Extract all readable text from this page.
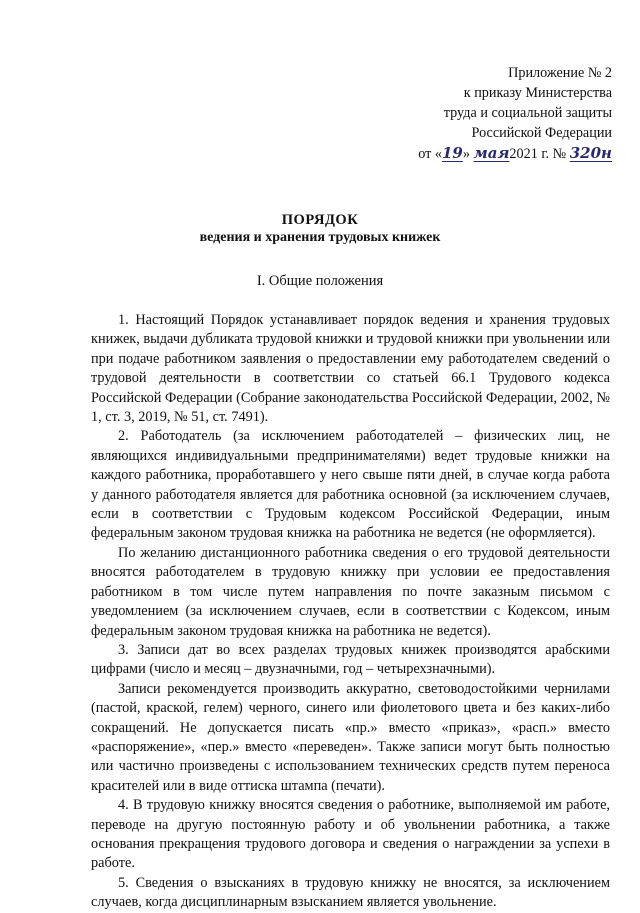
Приложение № 2
к приказу Министерства
труда и социальной защиты
Российской Федерации
от «19» мая2021 г. № 320н
ПОРЯДОК
ведения и хранения трудовых книжек
I. Общие положения

1. Настоящий Порядок устанавливает порядок ведения и хранения трудовых книжек, выдачи дубликата трудовой книжки и трудовой книжки при увольнении или при подаче работником заявления о предоставлении ему работодателем сведений о трудовой деятельности в соответствии со статьей 66.1 Трудового кодекса Российской Федерации (Собрание законодательства Российской Федерации, 2002, № 1, ст. 3, 2019, № 51, ст. 7491).

2. Работодатель (за исключением работодателей – физических лиц, не являющихся индивидуальными предпринимателями) ведет трудовые книжки на каждого работника, проработавшего у него свыше пяти дней, в случае когда работа у данного работодателя является для работника основной (за исключением случаев, если в соответствии с Трудовым кодексом Российской Федерации, иным федеральным законом трудовая книжка на работника не ведется (не оформляется).

По желанию дистанционного работника сведения о его трудовой деятельности вносятся работодателем в трудовую книжку при условии ее предоставления работником в том числе путем направления по почте заказным письмом с уведомлением (за исключением случаев, если в соответствии с Кодексом, иным федеральным законом трудовая книжка на работника не ведется).

3. Записи дат во всех разделах трудовых книжек производятся арабскими цифрами (число и месяц – двузначными, год – четырехзначными).

Записи рекомендуется производить аккуратно, световодостойкими чернилами (пастой, краской, гелем) черного, синего или фиолетового цвета и без каких-либо сокращений. Не допускается писать «пр.» вместо «приказ», «расп.» вместо «распоряжение», «пер.» вместо «переведен». Также записи могут быть полностью или частично произведены с использованием технических средств путем переноса красителей или в виде оттиска штампа (печати).

4. В трудовую книжку вносятся сведения о работнике, выполняемой им работе, переводе на другую постоянную работу и об увольнении работника, а также основания прекращения трудового договора и сведения о награждении за успехи в работе.

5. Сведения о взысканиях в трудовую книжку не вносятся, за исключением случаев, когда дисциплинарным взысканием является увольнение.
